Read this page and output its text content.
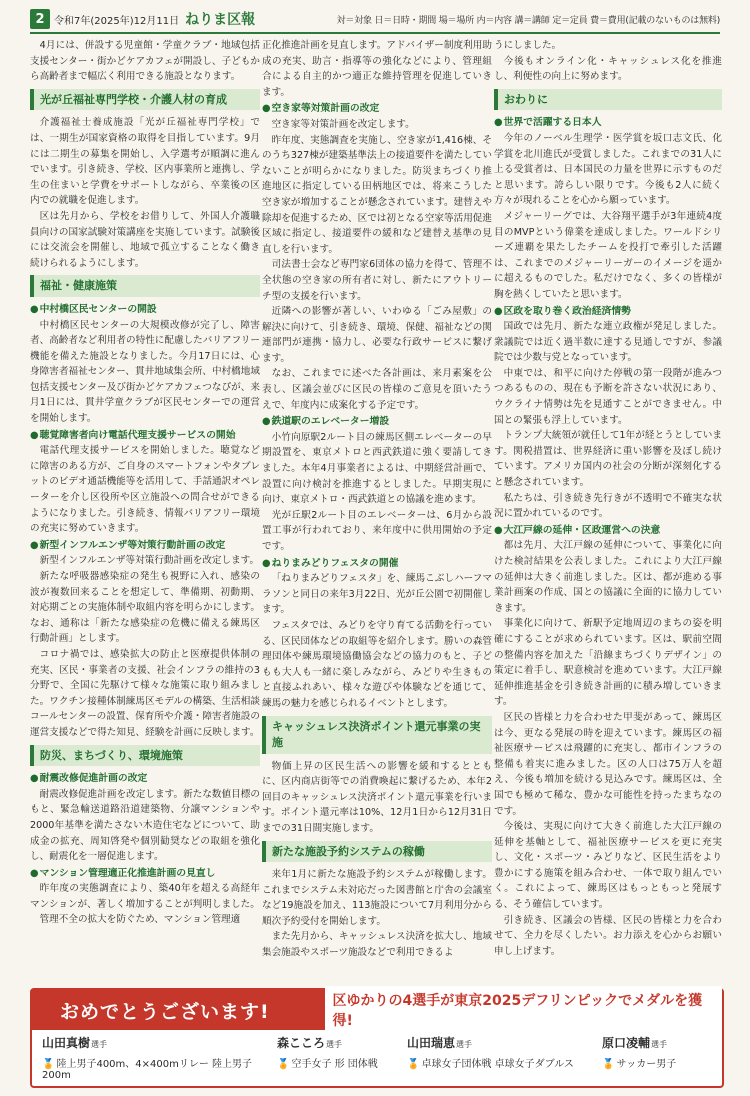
2 令和7年(2025年)12月11日 ねりま区報	対＝対象 日＝日時・期間 場＝場所 内＝内容 講＝講師 定＝定員 費＝費用(記載のないものは無料)

4月には、併設する児童館・学童クラブ・地域包括支援センター・街かどケアカフェが開設し、子どもから高齢者まで幅広く利用できる施設となります。

光が丘福祉専門学校・介護人材の育成

介護福祉士養成施設「光が丘福祉専門学校」では、一期生が国家資格の取得を目指しています。9月には二期生の募集を開始し、入学選考が順調に進んでいます。引き続き、学校、区内事業所と連携し、学生の住まいと学費をサポートしながら、卒業後の区内での就職を促進します。

区は先月から、学校をお借りして、外国人介護職員向けの国家試験対策講座を実施しています。試験後には交流会を開催し、地域で孤立することなく働き続けられるようにします。

福祉・健康施策
● 中村橋区民センターの開設

中村橋区民センターの大規模改修が完了し、障害者、高齢者など利用者の特性に配慮したバリアフリー機能を備えた施設となりました。今月17日には、心身障害者福祉センター、貫井地域集会所、中村橋地域包括支援センター及び街かどケアカフェつなぴが、来月1日には、貫井学童クラブが区民センターでの運営を開始します。

● 聴覚障害者向け電話代理支援サービスの開始

電話代理支援サービスを開始しました。聴覚などに障害のある方が、ご自身のスマートフォンやタブレットのビデオ通話機能等を活用して、手話通訳オペレーターを介し区役所や区立施設への問合せができるようになりました。引き続き、情報バリアフリー環境の充実に努めていきます。

● 新型インフルエンザ等対策行動計画の改定

新型インフルエンザ等対策行動計画を改定します。

新たな呼吸器感染症の発生も視野に入れ、感染の波が複数回来ることを想定して、準備期、初動期、対応期ごとの実施体制や取組内容を明らかにします。なお、通称は「新たな感染症の危機に備える練馬区行動計画」とします。

コロナ禍では、感染拡大の防止と医療提供体制の充実、区民・事業者の支援、社会インフラの維持の3分野で、全国に先駆けて様々な施策に取り組みました。ワクチン接種体制練馬区モデルの構築、生活相談コールセンターの設置、保育所や介護・障害者施設の運営支援などで得た知見、経験を計画に反映します。

防災、まちづくり、環境施策
● 耐震改修促進計画の改定

耐震改修促進計画を改定します。新たな数値目標のもと、緊急輸送道路沿道建築物、分譲マンションや2000年基準を満たさない木造住宅などについて、助成金の拡充、周知啓発や個別勧奨などの取組を強化し、耐震化を一層促進します。

● マンション管理適正化推進計画の見直し

昨年度の実態調査により、築40年を超える高経年マンションが、著しく増加することが判明しました。

管理不全の拡大を防ぐため、マンション管理適

正化推進計画を見直します。アドバイザー制度利用助成の充実、助言・指導等の強化などにより、管理組合による自主的かつ適正な維持管理を促進していきます。

● 空き家等対策計画の改定

空き家等対策計画を改定します。

昨年度、実態調査を実施し、空き家が1,416棟、そのうち327棟が建築基準法上の接道要件を満たしていないことが明らかになりました。防災まちづくり推進地区に指定している田柄地区では、将来こうした空き家が増加することが懸念されています。建替えや除却を促進するため、区では初となる空家等活用促進区域に指定し、接道要件の緩和など建替え基準の見直しを行います。

司法書士会など専門家6団体の協力を得て、管理不全状態の空き家の所有者に対し、新たにアウトリーチ型の支援を行います。

近隣への影響が著しい、いわゆる「ごみ屋敷」の解決に向けて、引き続き、環境、保健、福祉などの関連部門が連携・協力し、必要な行政サービスに繋げます。

なお、これまでに述べた各計画は、来月素案を公表し、区議会並びに区民の皆様のご意見を頂いたうえで、年度内に成案化する予定です。

● 鉄道駅のエレベーター増設

小竹向原駅2ルート目の練馬区側エレベーターの早期設置を、東京メトロと西武鉄道に強く要請してきました。本年4月事業者によるは、中期経営計画で、設置に向け検討を推進するとしました。早期実現に向け、東京メトロ・西武鉄道との協議を進めます。

光が丘駅2ルート目のエレベーターは、6月から設置工事が行われており、来年度中に供用開始の予定です。

● ねりまみどりフェスタの開催

「ねりまみどりフェスタ」を、練馬こぶしハーフマラソンと同日の来年3月22日、光が丘公園で初開催します。

フェスタでは、みどりを守り育てる活動を行っている、区民団体などの取組等を紹介します。勝いの森管理団体や練馬環境協働協会などの協力のもと、子どもも大人も一緒に楽しみながら、みどりや生きものと直接ふれあい、様々な遊びや体験などを通じて、練馬の魅力を感じられるイベントとします。

キャッシュレス決済ポイント還元事業の実施

物価上昇の区民生活への影響を緩和するとともに、区内商店街等での消費喚起に繋げるため、本年2回目のキャッシュレス決済ポイント還元事業を行います。ポイント還元率は10%、12月1日から12月31日までの31日間実施します。

新たな施設予約システムの稼働

来年1月に新たな施設予約システムが稼働します。これまでシステム未対応だった図書館と庁舎の会議室など19施設を加え、113施設について7月利用分から順次予約受付を開始します。

また先月から、キャッシュレス決済を拡大し、地域集会施設やスポーツ施設などで利用できるよ

うにしました。

今後もオンライン化・キャッシュレス化を推進し、利便性の向上に努めます。

おわりに
● 世界で活躍する日本人

今年のノーベル生理学・医学賞を坂口志文氏、化学賞を北川進氏が受賞しました。これまでの31人に上る受賞者は、日本国民の力量を世界に示すものだと思います。誇らしい限りです。今後も2人に続く方々が現れることを心から願っています。

メジャーリーグでは、大谷翔平選手が3年連続4度目のMVPという偉業を達成しました。ワールドシリーズ連覇を果たしたチームを投打で牽引した活躍は、これまでのメジャーリーガーのイメージを遥かに超えるものでした。私だけでなく、多くの皆様が胸を熱くしていたと思います。

● 区政を取り巻く政治経済情勢

国政では先月、新たな連立政権が発足しました。衆議院では近く過半数に達する見通しですが、参議院では少数与党となっています。

中東では、和平に向けた停戦の第一段階が進みつつあるものの、現在も予断を許さない状況にあり、ウクライナ情勢は先を見通すことができません。中国との緊張も浮上しています。

トランプ大統領が就任して1年が経とうとしています。関税措置は、世界経済に重い影響を及ぼし続けています。アメリカ国内の社会の分断が深刻化すると懸念されています。

私たちは、引き続き先行きが不透明で不確実な状況に置かれているのです。

● 大江戸線の延伸・区政運営への決意

都は先月、大江戸線の延伸について、事業化に向けた検討結果を公表しました。これにより大江戸線の延伸は大きく前進しました。区は、都が進める事業計画案の作成、国との協議に全面的に協力していきます。

事業化に向けて、新駅予定地周辺のまちの姿を明確にすることが求められています。区は、駅前空間の整備内容を加えた「沿線まちづくりデザイン」の策定に着手し、駅意検討を進めています。大江戸線延伸推進基金を引き続き計画的に積み増していきます。

区民の皆様と力を合わせた甲斐があって、練馬区は今、更なる発展の時を迎えています。練馬区の福祉医療サービスは飛躍的に充実し、都市インフラの整備も着実に進みました。区の人口は75万人を超え、今後も増加を続ける見込みです。練馬区は、全国でも極めて稀な、豊かな可能性を持ったまちなのです。

今後は、実現に向けて大きく前進した大江戸線の延伸を基軸として、福祉医療サービスを更に充実し、文化・スポーツ・みどりなど、区民生活をより豊かにする施策を組み合わせ、一体で取り組んでいく。これによって、練馬区はもっともっと発展する、そう確信しています。

引き続き、区議会の皆様、区民の皆様と力を合わせて、全力を尽くしたい。お力添えを心からお願い申し上げます。

おめでとうございます!	区ゆかりの4選手が東京2025デフリンピックでメダルを獲得!
山田真樹選手
🏅 陸上男子400m、4×400mリレー 陸上男子200m
森こころ選手
🏅 空手女子 形 団体戦
山田瑞恵選手
🏅 卓球女子団体戦 卓球女子ダブルス
原口凌輔選手
🏅 サッカー男子
